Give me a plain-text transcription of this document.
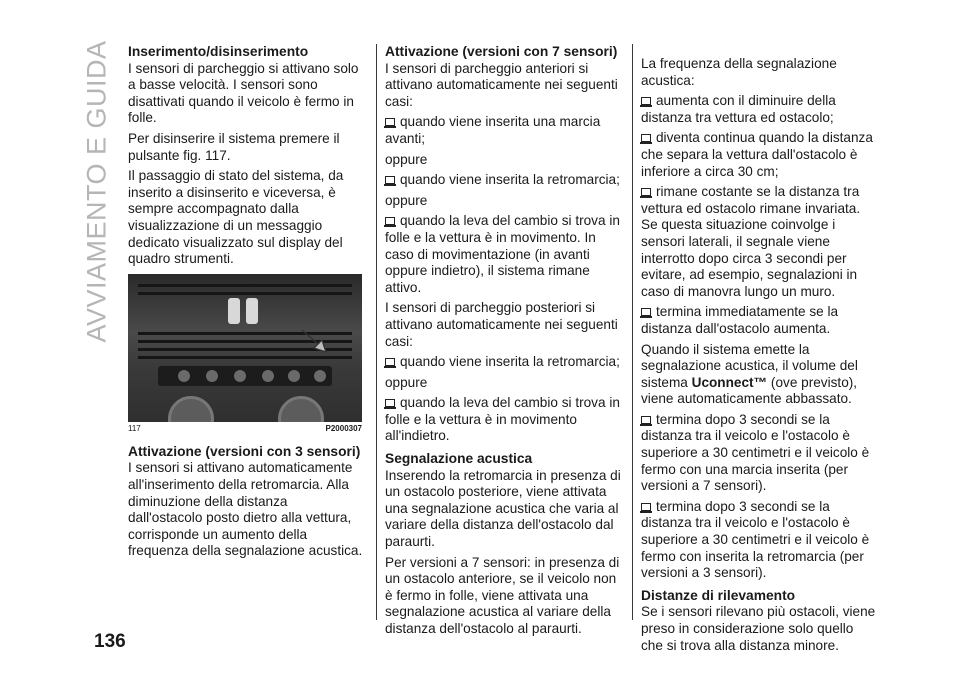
AVVIAMENTO E GUIDA
136
Inserimento/disinserimento

I sensori di parcheggio si attivano solo a basse velocità. I sensori sono disattivati quando il veicolo è fermo in folle.

Per disinserire il sistema premere il pulsante fig. 117.

Il passaggio di stato del sistema, da inserito a disinserito e viceversa, è sempre accompagnato dalla visualizzazione di un messaggio dedicato visualizzato sul display del quadro strumenti.

117	P2000307
Attivazione (versioni con 3 sensori)

I sensori si attivano automaticamente all'inserimento della retromarcia. Alla diminuzione della distanza dall'ostacolo posto dietro alla vettura, corrisponde un aumento della frequenza della segnalazione acustica.

Attivazione (versioni con 7 sensori)

I sensori di parcheggio anteriori si attivano automaticamente nei seguenti casi:

quando viene inserita una marcia avanti;

oppure

quando viene inserita la retromarcia;

oppure

quando la leva del cambio si trova in folle e la vettura è in movimento. In caso di movimentazione (in avanti oppure indietro), il sistema rimane attivo.

I sensori di parcheggio posteriori si attivano automaticamente nei seguenti casi:

quando viene inserita la retromarcia;

oppure

quando la leva del cambio si trova in folle e la vettura è in movimento all'indietro.

Segnalazione acustica

Inserendo la retromarcia in presenza di un ostacolo posteriore, viene attivata una segnalazione acustica che varia al variare della distanza dell'ostacolo dal paraurti.

Per versioni a 7 sensori: in presenza di un ostacolo anteriore, se il veicolo non è fermo in folle, viene attivata una segnalazione acustica al variare della distanza dell'ostacolo al paraurti.

La frequenza della segnalazione acustica:

aumenta con il diminuire della distanza tra vettura ed ostacolo;

diventa continua quando la distanza che separa la vettura dall'ostacolo è inferiore a circa 30 cm;

rimane costante se la distanza tra vettura ed ostacolo rimane invariata. Se questa situazione coinvolge i sensori laterali, il segnale viene interrotto dopo circa 3 secondi per evitare, ad esempio, segnalazioni in caso di manovra lungo un muro.

termina immediatamente se la distanza dall'ostacolo aumenta.

Quando il sistema emette la segnalazione acustica, il volume del sistema Uconnect™ (ove previsto), viene automaticamente abbassato.

termina dopo 3 secondi se la distanza tra il veicolo e l'ostacolo è superiore a 30 centimetri e il veicolo è fermo con una marcia inserita (per versioni a 7 sensori).

termina dopo 3 secondi se la distanza tra il veicolo e l'ostacolo è superiore a 30 centimetri e il veicolo è fermo con inserita la retromarcia (per versioni a 3 sensori).

Distanze di rilevamento

Se i sensori rilevano più ostacoli, viene preso in considerazione solo quello che si trova alla distanza minore.
